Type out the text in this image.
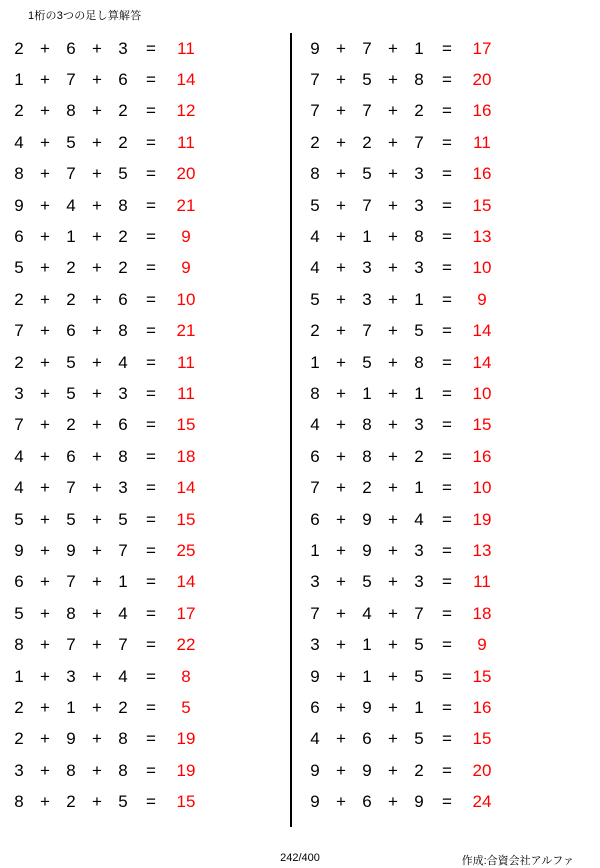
1桁の3つの足し算解答
2 + 6 + 3	=	11
1 + 7 + 6	=	14
2 + 8 + 2	=	12
4 + 5 + 2	=	11
8 + 7 + 5	=	20
9 + 4 + 8	=	21
6 + 1 + 2	=	9
5 + 2 + 2	=	9
2 + 2 + 6	=	10
7 + 6 + 8	=	21
2 + 5 + 4	=	11
3 + 5 + 3	=	11
7 + 2 + 6	=	15
4 + 6 + 8	=	18
4 + 7 + 3	=	14
5 + 5 + 5	=	15
9 + 9 + 7	=	25
6 + 7 + 1	=	14
5 + 8 + 4	=	17
8 + 7 + 7	=	22
1 + 3 + 4	=	8
2 + 1 + 2	=	5
2 + 9 + 8	=	19
3 + 8 + 8	=	19
8 + 2 + 5	=	15
9 + 7 + 1	=	17
7 + 5 + 8	=	20
7 + 7 + 2	=	16
2 + 2 + 7	=	11
8 + 5 + 3	=	16
5 + 7 + 3	=	15
4 + 1 + 8	=	13
4 + 3 + 3	=	10
5 + 3 + 1	=	9
2 + 7 + 5	=	14
1 + 5 + 8	=	14
8 + 1 + 1	=	10
4 + 8 + 3	=	15
6 + 8 + 2	=	16
7 + 2 + 1	=	10
6 + 9 + 4	=	19
1 + 9 + 3	=	13
3 + 5 + 3	=	11
7 + 4 + 7	=	18
3 + 1 + 5	=	9
9 + 1 + 5	=	15
6 + 9 + 1	=	16
4 + 6 + 5	=	15
9 + 9 + 2	=	20
9 + 6 + 9	=	24
242/400	作成:合資会社アルファ
